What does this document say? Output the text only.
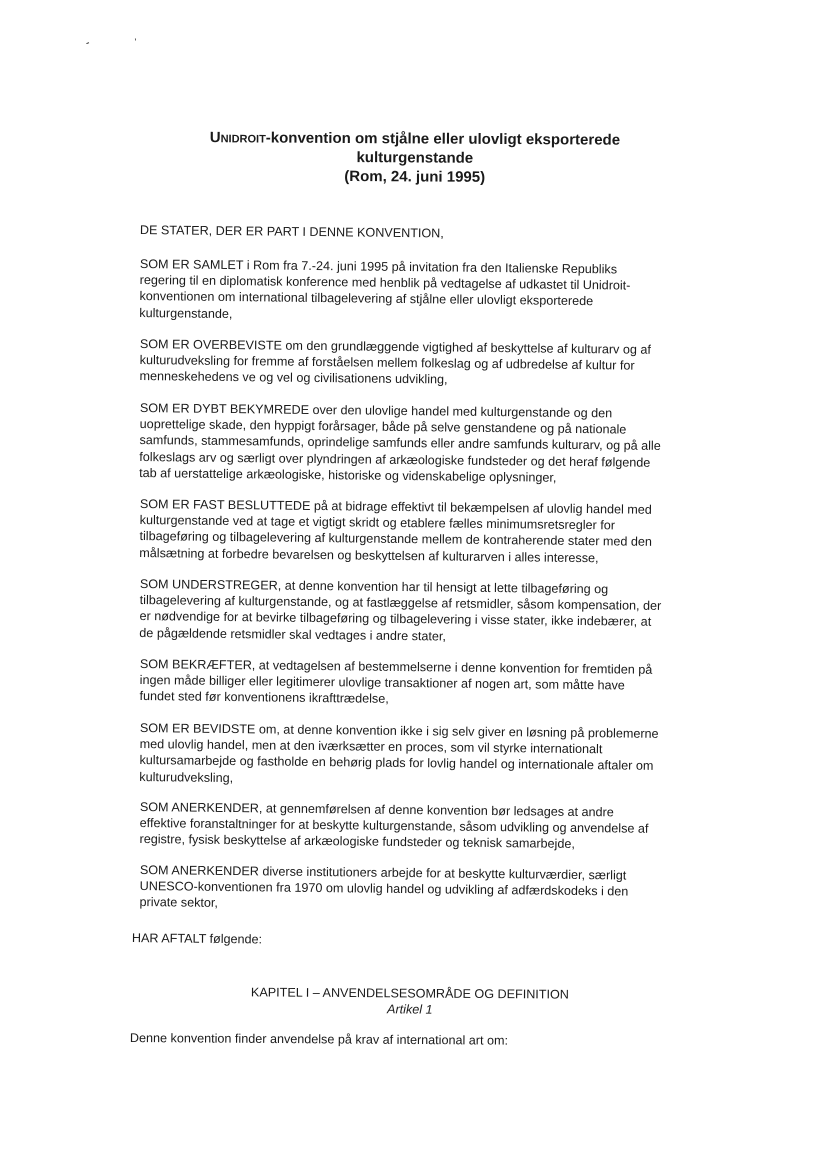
-	`
Unidroit-konvention om stjålne eller ulovligt eksporterede
kulturgenstande
(Rom, 24. juni 1995)

DE STATER, DER ER PART I DENNE KONVENTION,

SOM ER SAMLET i Rom fra 7.-24. juni 1995 på invitation fra den Italienske Republiks

regering til en diplomatisk konference med henblik på vedtagelse af udkastet til Unidroit-

konventionen om international tilbagelevering af stjålne eller ulovligt eksporterede

kulturgenstande,

SOM ER OVERBEVISTE om den grundlæggende vigtighed af beskyttelse af kulturarv og af

kulturudveksling for fremme af forståelsen mellem folkeslag og af udbredelse af kultur for

menneskehedens ve og vel og civilisationens udvikling,

SOM ER DYBT BEKYMREDE over den ulovlige handel med kulturgenstande og den

uoprettelige skade, den hyppigt forårsager, både på selve genstandene og på nationale

samfunds, stammesamfunds, oprindelige samfunds eller andre samfunds kulturarv, og på alle

folkeslags arv og særligt over plyndringen af arkæologiske fundsteder og det heraf følgende

tab af uerstattelige arkæologiske, historiske og videnskabelige oplysninger,

SOM ER FAST BESLUTTEDE på at bidrage effektivt til bekæmpelsen af ulovlig handel med

kulturgenstande ved at tage et vigtigt skridt og etablere fælles minimumsretsregler for

tilbageføring og tilbagelevering af kulturgenstande mellem de kontraherende stater med den

målsætning at forbedre bevarelsen og beskyttelsen af kulturarven i alles interesse,

SOM UNDERSTREGER, at denne konvention har til hensigt at lette tilbageføring og

tilbagelevering af kulturgenstande, og at fastlæggelse af retsmidler, såsom kompensation, der

er nødvendige for at bevirke tilbageføring og tilbagelevering i visse stater, ikke indebærer, at

de pågældende retsmidler skal vedtages i andre stater,

SOM BEKRÆFTER, at vedtagelsen af bestemmelserne i denne konvention for fremtiden på

ingen måde billiger eller legitimerer ulovlige transaktioner af nogen art, som måtte have

fundet sted før konventionens ikrafttrædelse,

SOM ER BEVIDSTE om, at denne konvention ikke i sig selv giver en løsning på problemerne

med ulovlig handel, men at den iværksætter en proces, som vil styrke internationalt

kultursamarbejde og fastholde en behørig plads for lovlig handel og internationale aftaler om

kulturudveksling,

SOM ANERKENDER, at gennemførelsen af denne konvention bør ledsages at andre

effektive foranstaltninger for at beskytte kulturgenstande, såsom udvikling og anvendelse af

registre, fysisk beskyttelse af arkæologiske fundsteder og teknisk samarbejde,

SOM ANERKENDER diverse institutioners arbejde for at beskytte kulturværdier, særligt

UNESCO-konventionen fra 1970 om ulovlig handel og udvikling af adfærdskodeks i den

private sektor,

HAR AFTALT følgende:

KAPITEL I – ANVENDELSESOMRÅDE OG DEFINITION
Artikel 1
Denne konvention finder anvendelse på krav af international art om:
